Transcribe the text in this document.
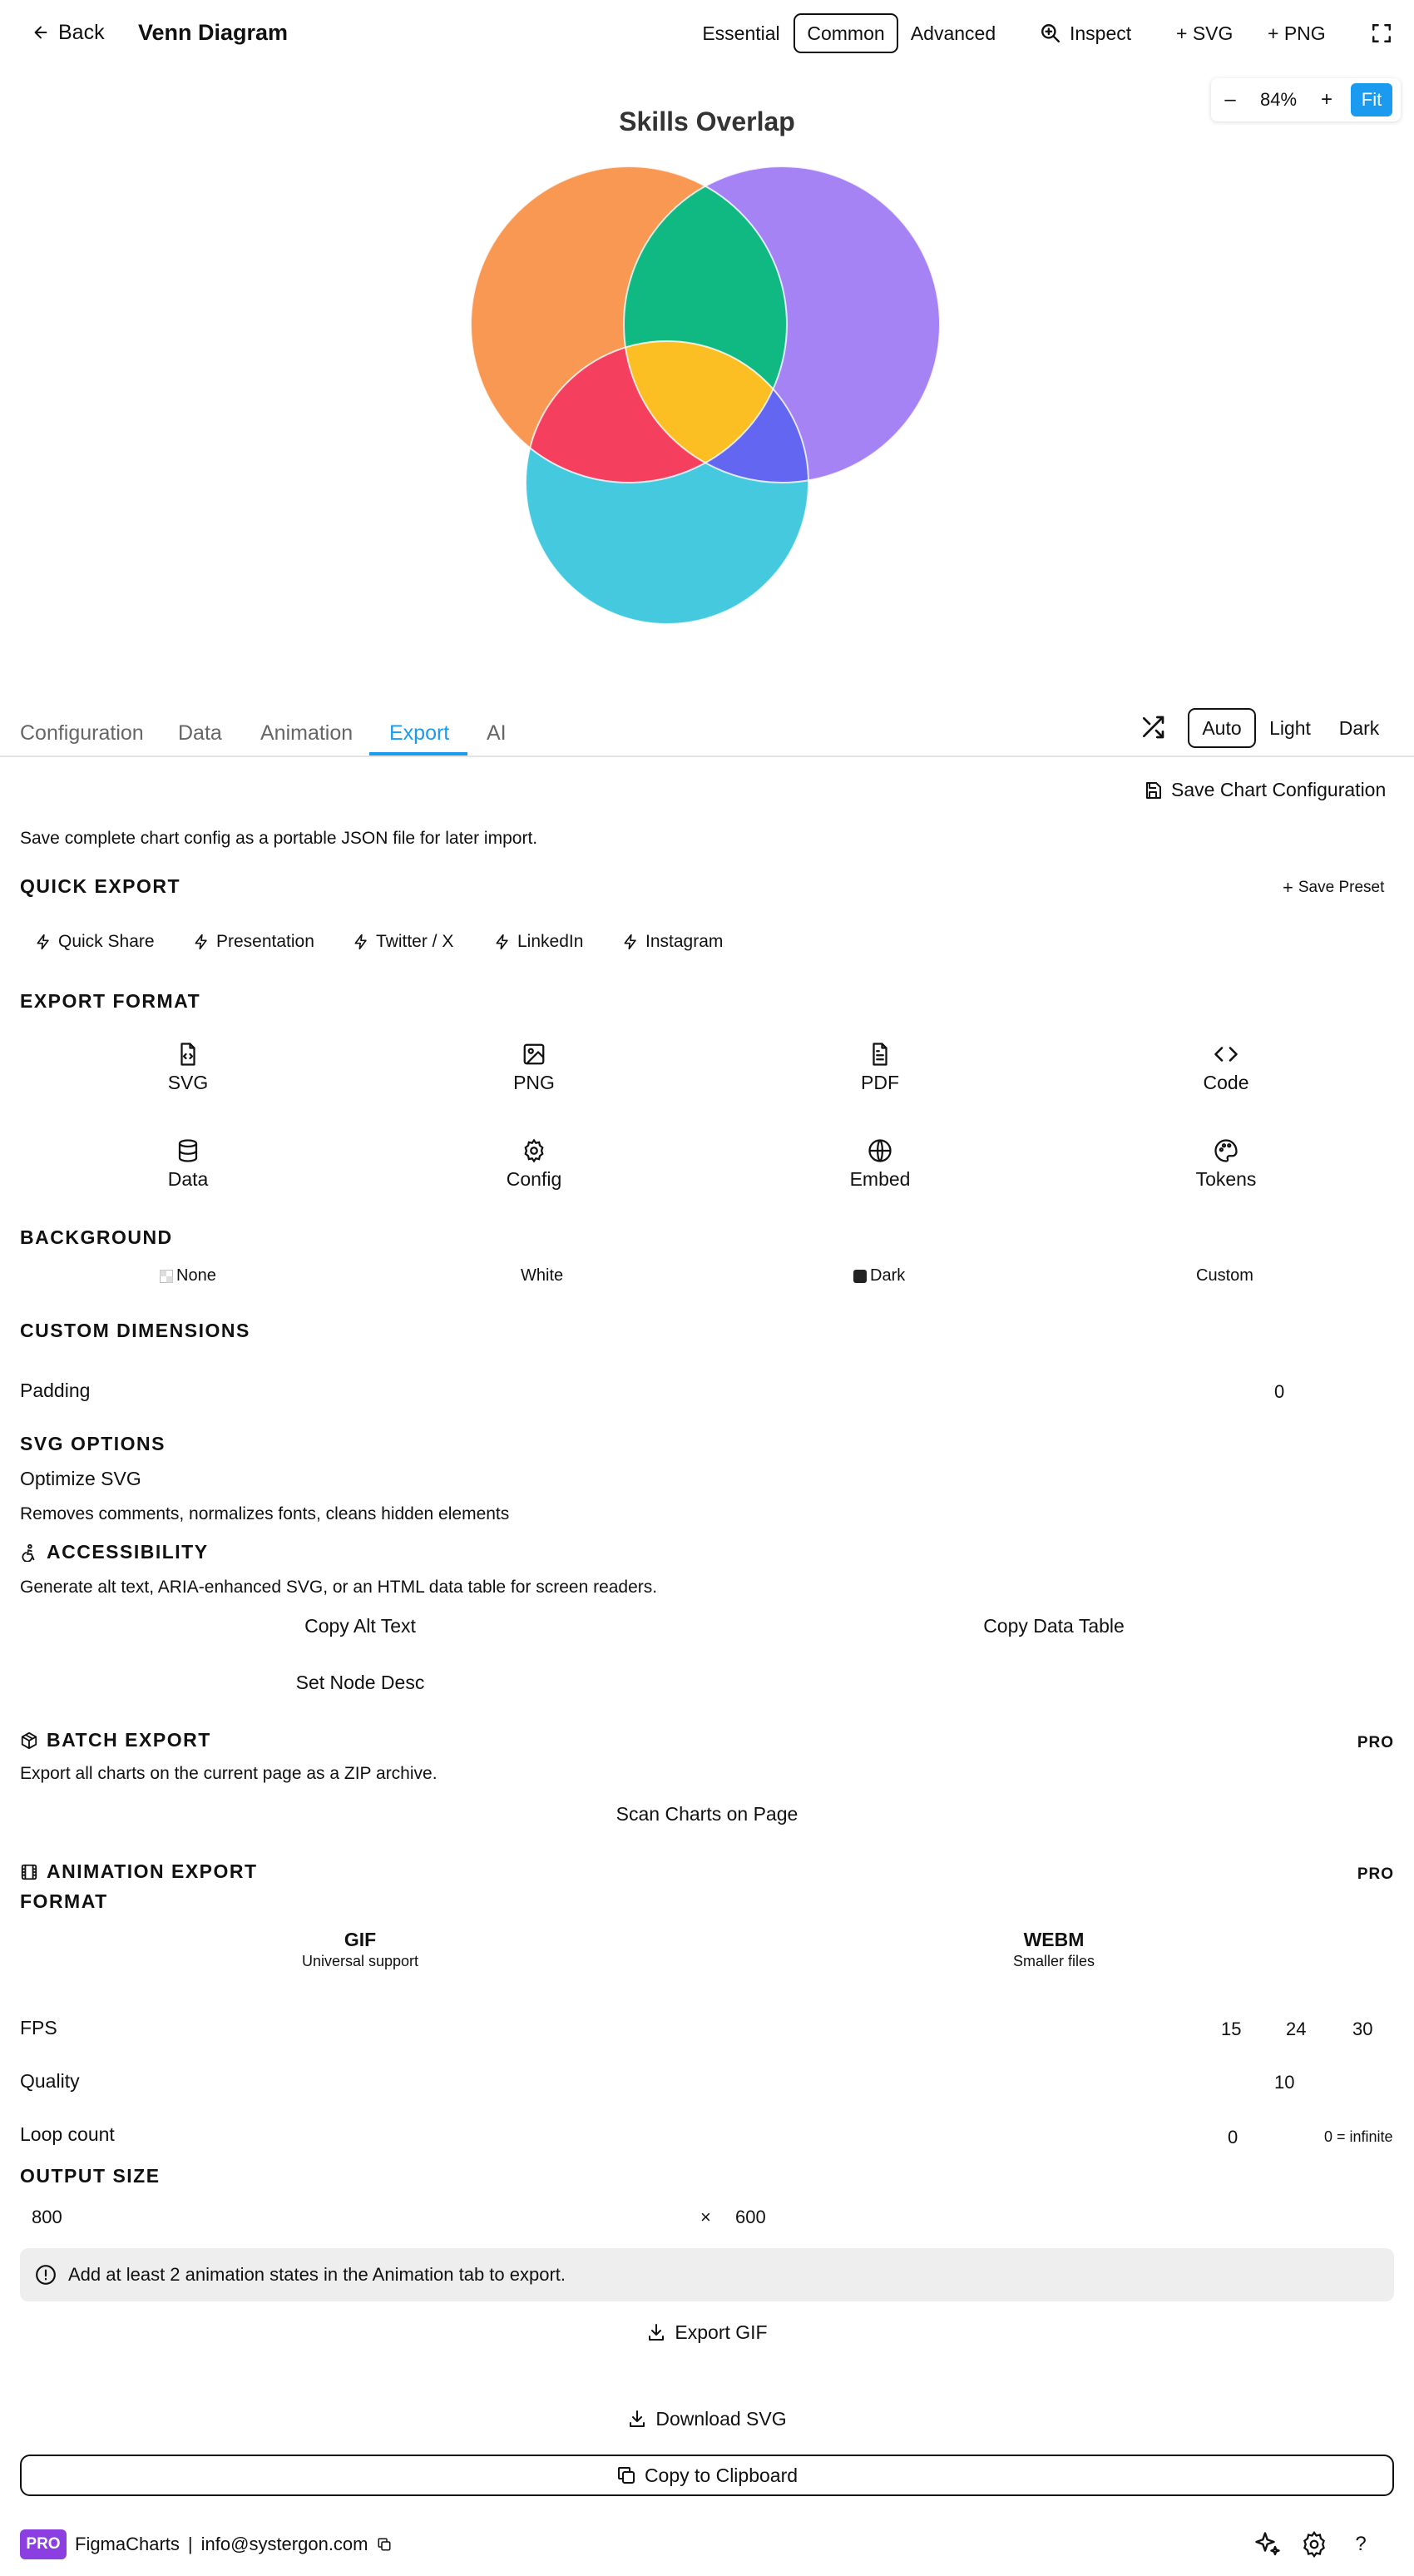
Back Venn Diagram	Essential	Common	Advanced	Inspect + SVG + PNG
–	84%	+	Fit
Skills Overlap
Configuration Data Animation Export AI	Auto	Light	Dark
Save Chart Configuration
Save complete chart config as a portable JSON file for later import.
QUICK EXPORT	+ Save Preset
Quick Share	Presentation	Twitter / X	LinkedIn	Instagram
EXPORT FORMAT
SVG	PNG	PDF	Code
Data	Config	Embed	Tokens
BACKGROUND
None	White	Dark	Custom
CUSTOM DIMENSIONS
Padding	0
SVG OPTIONS
Optimize SVG
Removes comments, normalizes fonts, cleans hidden elements
ACCESSIBILITY
Generate alt text, ARIA-enhanced SVG, or an HTML data table for screen readers.
Copy Alt Text	Copy Data Table
Set Node Desc
BATCH EXPORT	PRO
Export all charts on the current page as a ZIP archive.
Scan Charts on Page
ANIMATION EXPORT	PRO
FORMAT
GIF
Universal support
WEBM
Smaller files
FPS	15 24	30
Quality	10
Loop count	0	0 = infinite
OUTPUT SIZE
800	× 600
Add at least 2 animation states in the Animation tab to export.
Export GIF
Download SVG
Copy to Clipboard
PRO FigmaCharts | info@systergon.com	?
